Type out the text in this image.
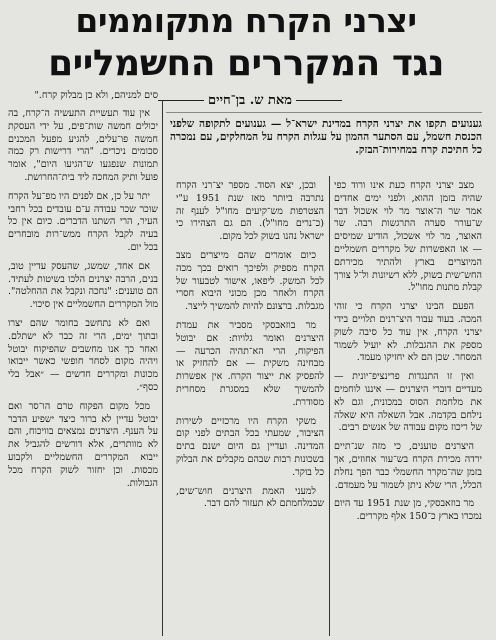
יצרני הקרח מתקוממים
נגד המקררים החשמליים
מאת ש. בן־חיים
סים למניהם, ולא כן מבלוק קרח."
גענועים תקפו את יצרני הקרח במדינת ישרא־ל — גענועים לתקופה שלפני הכנסת חשמל, עם הסתער ההמון על עגלות הקרח על המחלקים, עם נמכרה כל חתיכת קרח במחירות־הבזק.

מצב יצרני הקרח כעת אינו ורוד כפי שהיה בזמן ההוא, ולפני ימים אחדים אמר שר ה־אוצר מר לוי אשכול דבר ש־עורר סערה התרגשות רבה. שר האוצר, מר לוי אשכול, הודיע שמיסים — או האפשרות של מקררים חשמליים המיוצרים בארץ ולהתיר מכירתם החש־שית בשוק, ללא רשיונות ול־ל צורך קבלת מתנות מחו"ל.

הפעם הבינו יצרני הקרח כי זוהי המכה. בעוד עבור היצ־רנים תלויים בידי יצרני הקרח, אין עוד כל סיבה לשוק מספק את ההגבלות. לא יועיל לשמור המסחר. שכן הם לא יחזיקו מעמד.

ואין זו התנגדות פרינציפ־יונית — מעדיים דוברי היצרנים — איננו לוחמים את מלחמת הסוס במכונית, וגם לא נילחם בקדמה. אבל השאלה היא שאלה של ריכוז מקום עבודה של אנשים רבים.

היצרנים טוענים, כי מזה שנ־תיים ירדה מכירת הקרח בש־עור אחוזים, אך בזמן שה־מקרר החשמלי כבר הפך נחלת הכלל, הרי שלא ניתן לשמור על מעמדם.

מר בוזאבסקי, מן שנת 1951 עד היום נמכרו בארץ כ־150 אלף מקררים.

ובכן, יצא הסוד. מספר יצ־רני הקרח נתרבה ביותר מאז שנת 1951 ע"י הצטרפות מש־קיעים מחו"ל לענף זה (כ־נרים מחו"ל). הם גם הצהירו כי ישראל נהנו בשוק לכל מקום.

כיום אומרים שהם מייצרים מצב הקרח מספיק ולפיכך רואים בכך מכה לכל המשק. ליפאו, אישור לטבעור של הקרח ולאחר מכן מכוני היבוא חסרי מגבלות. ברצונם להיות להמשיך לייצר.

מר בוזאבסקי מסביר את עמדת היצרנים ואומר גלויות: אם יבוטל הפיקוח, הרי הא־תהיה הכרעה — מבחינה משקית — אם להחזיק או להפסיק את ייצור הקרח. אין אפשרות להמשיך שלא במסגרת מסחרית מסודרת.

משקי הקרח היו מרכזיים לשירות הציבור, שמעתי בכל הבתים לפני קום המדינה. ועדיין גם היום ישנם בתים בשכונות רבות שבהם מקבלים את הבלוק כל בוקר.

למעני האמת היצרנים חוש־שים, שבמלחמתם לא תעזור להם דבר.

אין עוד תעשיית התעשיה ה־קרח, בה יכולים חמשה שות־פים, על ידי העסקת חמשה פו־עלים, להגיע מפעל המכנים סכומים ניכרים. "הרי דרישות רק כמה תמונות שנפגעו ש־הגיעו היום", אומר פועל ותיק המחכה ליד בית־החרושת.

יתר על כן, אם לפנים היו מפ־על הקרח שוכר שכר עבודה ע־ם עובדים בכל רחבי העיר, הרי השתנו הדברים. כיום אין כל בעיה לקבל הקרח ממש־רות מובחרים בכל יום.

אם אחד, שמשג, שהעסק עדיין טוב, בנים, הרבה יצרנים הלכו בשיטות לעתיד. הם טוענים: "נחכה ונקבל את ההחלטה". מול המקררים החשמליים אין סיכוי.

ואם לא נתחשב בחומר שהם יצרו ובתוך ימים, הרי זה כבר לא ישתלם. ואחר כך אנו מחשבים שהפיקוח יבוטל ויהיה מקום לסחר חופשי כאשר ייבואו מכונות ומקררים חדשים — ״אבל בלי כסף״.

מכל מקום הפקוח טרם הו־סר ואם יבוטל עדיין לא ברור כיצד ישפיע הדבר על הענף. היצרנים נמצאים בוויכוח, והם לא מוותרים, אלא דורשים להגביל את ייבוא המקררים החשמליים ולקבוע מכסות. וכן יחזור לשוק הקרח מכל הגבולות.
